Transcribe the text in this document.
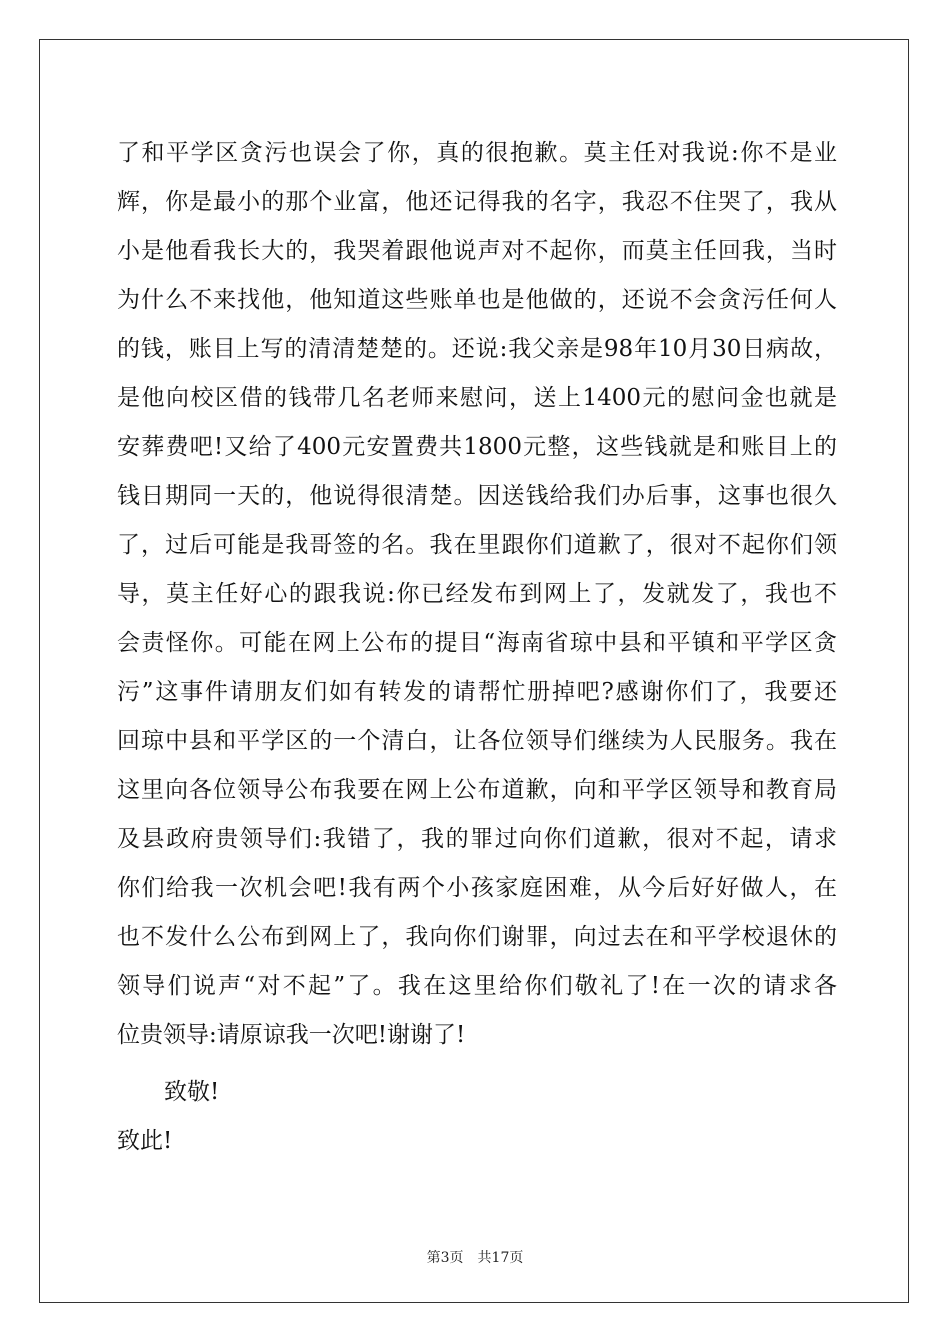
了和平学区贪污也误会了你，真的很抱歉。莫主任对我说:你不是业
辉，你是最小的那个业富，他还记得我的名字，我忍不住哭了，我从
小是他看我长大的，我哭着跟他说声对不起你，而莫主任回我，当时
为什么不来找他，他知道这些账单也是他做的，还说不会贪污任何人
的钱，账目上写的清清楚楚的。还说:我父亲是98年10月30日病故，
是他向校区借的钱带几名老师来慰问，送上1400元的慰问金也就是
安葬费吧!又给了400元安置费共1800元整，这些钱就是和账目上的
钱日期同一天的，他说得很清楚。因送钱给我们办后事，这事也很久
了，过后可能是我哥签的名。我在里跟你们道歉了，很对不起你们领
导，莫主任好心的跟我说:你已经发布到网上了，发就发了，我也不
会责怪你。可能在网上公布的提目“海南省琼中县和平镇和平学区贪
污”这事件请朋友们如有转发的请帮忙册掉吧?感谢你们了，我要还
回琼中县和平学区的一个清白，让各位领导们继续为人民服务。我在
这里向各位领导公布我要在网上公布道歉，向和平学区领导和教育局
及县政府贵领导们:我错了，我的罪过向你们道歉，很对不起，请求
你们给我一次机会吧!我有两个小孩家庭困难，从今后好好做人，在
也不发什么公布到网上了，我向你们谢罪，向过去在和平学校退休的
领导们说声“对不起”了。我在这里给你们敬礼了!在一次的请求各
位贵领导:请原谅我一次吧!谢谢了!
致敬!
致此!
第3页　共17页
